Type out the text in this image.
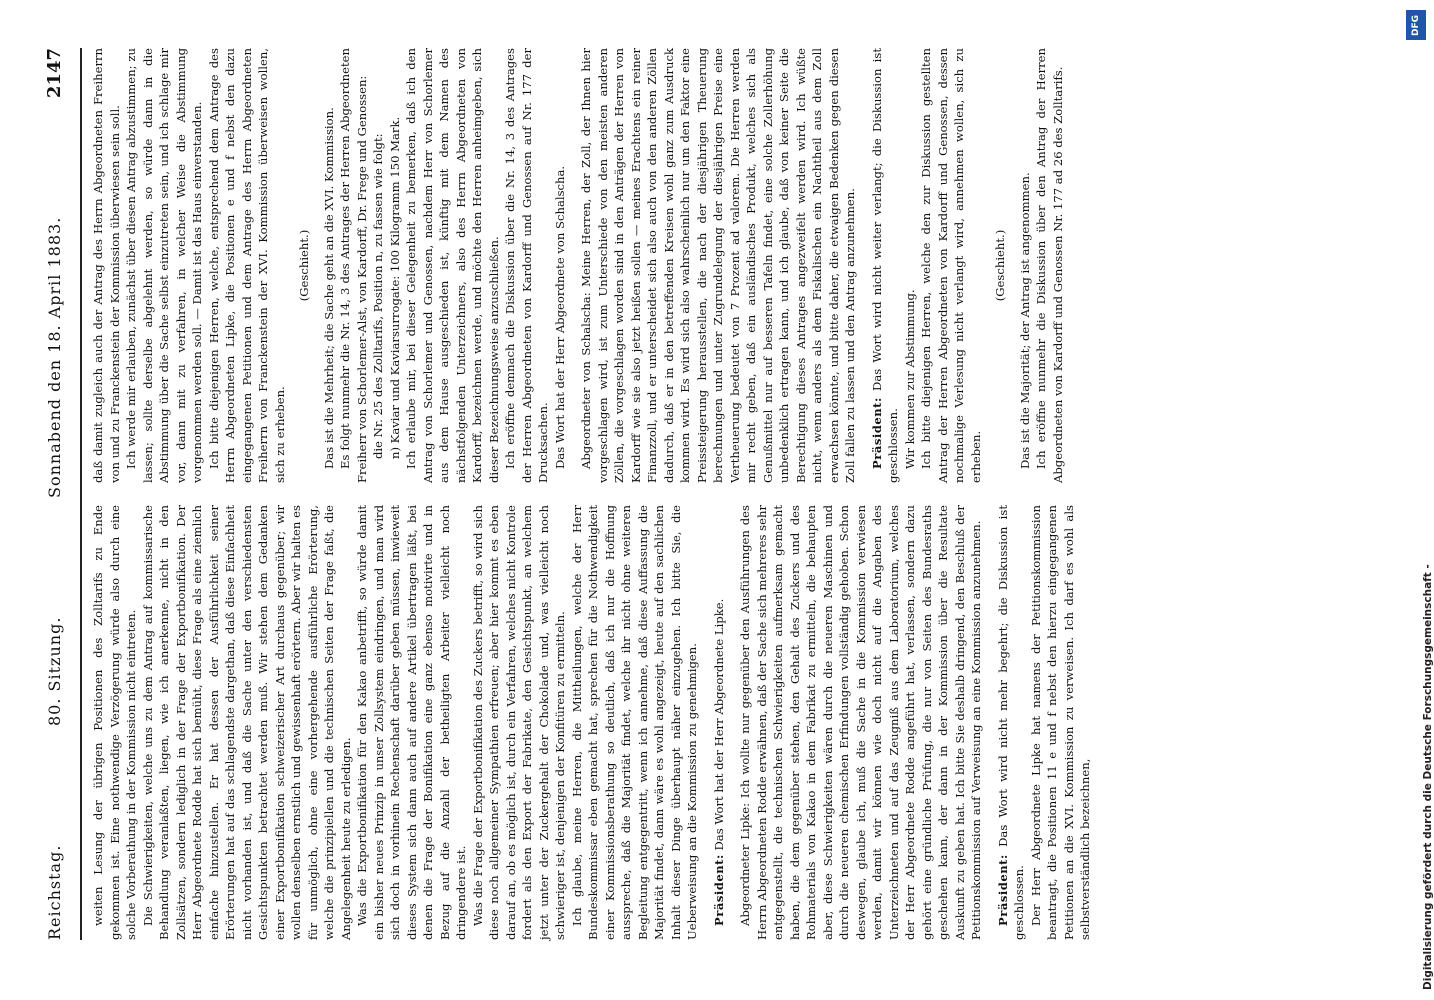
Reichstag.
80. Sitzung.
Sonnabend den 18. April 1883.
2147

weiten Lesung der übrigen Positionen des Zolltarifs zu Ende gekommen ist. Eine nothwendige Verzögerung würde also durch eine solche Vorberathung in der Kommission nicht eintreten. Die Schwierigkeiten, welche uns zu dem Antrag auf kommissarische Behandlung veranlaßten, liegen, wie ich anerkenne, nicht in den Zollsätzen, sondern lediglich in der Frage der Exportbonifikation. Der Herr Abgeordnete Rodde hat sich bemüht, diese Frage als eine ziemlich einfache hinzustellen. Er hat dessen der Ausführlichkeit seiner Erörterungen hat auf das schlagendste dargethan, daß diese Einfachheit nicht vorhanden ist, und daß die Sache unter den verschiedensten Gesichtspunkten betrachtet werden muß. Wir stehen dem Gedanken einer Exportbonifikation schweizerischer Art durchaus gegenüber; wir wollen denselben ernstlich und gewissenhaft erörtern. Aber wir halten es für unmöglich, ohne eine vorhergehende ausführliche Erörterung, welche die prinzipiellen und die technischen Seiten der Frage faßt, die Angelegenheit heute zu erledigen. Was die Exportbonifikation für den Kakao anbetrifft, so würde damit ein bisher neues Prinzip in unser Zollsystem eindringen, und man wird sich doch in vorhinein Rechenschaft darüber geben müssen, inwieweit dieses System sich dann auch auf andere Artikel übertragen läßt, bei denen die Frage der Bonifikation eine ganz ebenso motivirte und in Bezug auf die Anzahl der betheiligten Arbeiter vielleicht noch dringendere ist. Was die Frage der Exportbonifikation des Zuckers betrifft, so wird sich diese noch allgemeiner Sympathien erfreuen; aber hier kommt es eben darauf an, ob es möglich ist, durch ein Verfahren, welches nicht Kontrole fordert als den Export der Fabrikate, den Gesichtspunkt, an welchem jetzt unter der Zuckergehalt der Chokolade und, was vielleicht noch schwieriger ist, denjenigen der Konfitüren zu ermitteln. Ich glaube, meine Herren, die Mittheilungen, welche der Herr Bundeskommissar eben gemacht hat, sprechen für die Nothwendigkeit einer Kommissionsberathung so deutlich, daß ich nur die Hoffnung ausspreche, daß die Majorität findet, welche ihr nicht ohne weiteren Begleitung entgegentritt, wenn ich annehme, daß diese Auffassung die Majorität findet, dann wäre es wohl angezeigt, heute auf den sachlichen Inhalt dieser Dinge überhaupt näher einzugehen. Ich bitte Sie, die Ueberweisung an die Kommission zu genehmigen. Präsident: Das Wort hat der Herr Abgeordnete Lipke. Abgeordneter Lipke: Ich wollte nur gegenüber den Ausführungen des Herrn Abgeordneten Rodde erwähnen, daß der Sache sich mehreres sehr entgegenstellt, die technischen Schwierigkeiten aufmerksam gemacht haben, die dem gegenüber stehen, den Gehalt des Zuckers und des Rohmaterials von Kakao in dem Fabrikat zu ermitteln, die behaupten aber, diese Schwierigkeiten wären durch die neueren Maschinen und durch die neueren chemischen Erfindungen vollständig gehoben. Schon deswegen, glaube ich, muß die Sache in die Kommission verwiesen werden, damit wir können wie doch nicht auf die Angaben des Unterzeichneten und auf das Zeugniß aus dem Laboratorium, welches der Herr Abgeordnete Rodde angeführt hat, verlassen, sondern dazu gehört eine gründliche Prüfung, die nur von Seiten des Bundesraths geschehen kann, der dann in der Kommission über die Resultate Auskunft zu geben hat. Ich bitte Sie deshalb dringend, den Beschluß der Petitionskommission auf Verweisung an eine Kommission anzunehmen. Präsident: Das Wort wird nicht mehr begehrt; die Diskussion ist geschlossen. Der Herr Abgeordnete Lipke hat namens der Petitionskommission beantragt, die Positionen 11 e und f nebst den hierzu eingegangenen Petitionen an die XVI. Kommission zu verweisen. Ich darf es wohl als selbstverständlich bezeichnen,

daß damit zugleich auch der Antrag des Herrn Abgeordneten Freiherrn von und zu Franckenstein der Kommission überwiesen sein soll. Ich werde mir erlauben, zunächst über diesen Antrag abzustimmen; zu lassen; sollte derselbe abgelehnt werden, so würde dann in die Abstimmung über die Sache selbst einzutreten sein, und ich schlage mir vor, dann mit zu verfahren, in welcher Weise die Abstimmung vorgenommen werden soll. — Damit ist das Haus einverstanden. Ich bitte diejenigen Herren, welche, entsprechend dem Antrage des Herrn Abgeordneten Lipke, die Positionen e und f nebst den dazu eingegangenen Petitionen und dem Antrage des Herrn Abgeordneten Freiherrn von Franckenstein der XVI. Kommission überweisen wollen, sich zu erheben.

(Geschieht.) Das ist die Mehrheit; die Sache geht an die XVI. Kommission. Es folgt nunmehr die Nr. 14, 3 des Antrages der Herren Abgeordneten Freiherr von Schorlemer-Alst, von Kardorff, Dr. Frege und Genossen: die Nr. 25 des Zolltarifs, Position n, zu fassen wie folgt: n) Kaviar und Kaviarsurrogate: 100 Kilogramm 150 Mark. Ich erlaube mir, bei dieser Gelegenheit zu bemerken, daß ich den Antrag von Schorlemer und Genossen, nachdem Herr von Schorlemer aus dem Hause ausgeschieden ist, künftig mit dem Namen des nächstfolgenden Unterzeichners, also des Herrn Abgeordneten von Kardorff, bezeichnen werde, und möchte den Herren anheimgeben, sich dieser Bezeichnungsweise anzuschließen. Ich eröffne demnach die Diskussion über die Nr. 14, 3 des Antrages der Herren Abgeordneten von Kardorff und Genossen auf Nr. 177 der Drucksachen. Das Wort hat der Herr Abgeordnete von Schalscha. Abgeordneter von Schalscha: Meine Herren, der Zoll, der Ihnen hier vorgeschlagen wird, ist zum Unterschiede von den meisten anderen Zöllen, die vorgeschlagen worden sind in den Anträgen der Herren von Kardorff wie sie also jetzt heißen sollen — meines Erachtens ein reiner Finanzzoll, und er unterscheidet sich also auch von den anderen Zöllen dadurch, daß er in den betreffenden Kreisen wohl ganz zum Ausdruck kommen wird. Es wird sich also wahrscheinlich nur um den Faktor eine Preissteigerung herausstellen, die nach der diesjährigen Theuerung berechnungen und unter Zugrundelegung der diesjährigen Preise eine Vertheuerung bedeutet von 7 Prozent ad valorem. Die Herren werden mir recht geben, daß ein ausländisches Produkt, welches sich als Genußmittel nur auf besseren Tafeln findet, eine solche Zollerhöhung unbedenklich ertragen kann, und ich glaube, daß von keiner Seite die Berechtigung dieses Antrages angezweifelt werden wird. Ich wüßte nicht, wenn anders als dem Fiskalischen ein Nachtheil aus dem Zoll erwachsen könnte, und bitte daher, die etwaigen Bedenken gegen diesen Zoll fallen zu lassen und den Antrag anzunehmen. Präsident: Das Wort wird nicht weiter verlangt; die Diskussion ist geschlossen. Wir kommen zur Abstimmung. Ich bitte diejenigen Herren, welche den zur Diskussion gestellten Antrag der Herren Abgeordneten von Kardorff und Genossen, dessen nochmalige Verlesung nicht verlangt wird, annehmen wollen, sich zu erheben.

(Geschieht.) Das ist die Majorität; der Antrag ist angenommen. Ich eröffne nunmehr die Diskussion über den Antrag der Herren Abgeordneten von Kardorff und Genossen Nr. 177 ad 26 des Zolltarifs.

Digitalisierung gefördert durch die Deutsche Forschungsgemeinschaft -
DFG
